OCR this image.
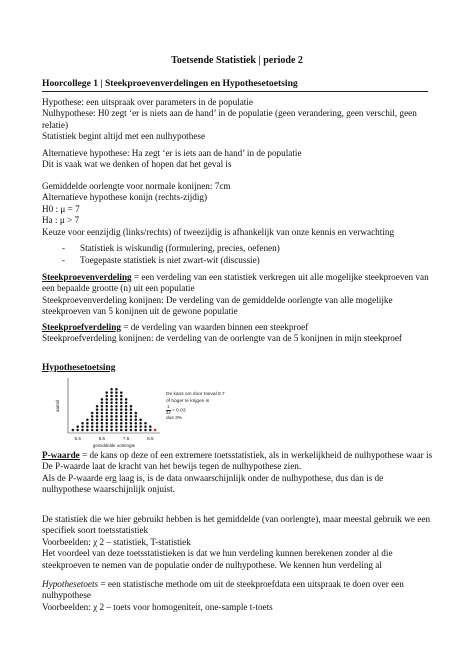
Toetsende Statistiek | periode 2
Hoorcollege 1 | Steekproevenverdelingen en Hypothesetoetsing

Hypothese: een uitspraak over parameters in de populatie

Nulhypothese: H0 zegt ‘er is niets aan de hand’ in de populatie (geen verandering, geen verschil, geen relatie)

Statistiek begint altijd met een nulhypothese

Alternatieve hypothese: Ha zegt ‘er is iets aan de hand’ in de populatie

Dit is vaak wat we denken of hopen dat het geval is

Gemiddelde oorlengte voor normale konijnen: 7cm

Alternatieve hypothese konijn (rechts-zijdig)

H0 : μ = 7

Ha : μ > 7

Keuze voor eenzijdig (links/rechts) of tweezijdig is afhankelijk van onze kennis en verwachting

- Statistiek is wiskundig (formulering, precies, oefenen)
- Toegepaste statistiek is niet zwart-wit (discussie)

Steekproevenverdeling = een verdeling van een statistiek verkregen uit alle mogelijke steekproeven van een bepaalde grootte (n) uit een populatie

Steekproevenverdeling konijnen: De verdeling van de gemiddelde oorlengte van alle mogelijke steekproeven van 5 konijnen uit de gewone populatie

Steekproefverdeling = de verdeling van waarden binnen een steekproef

Steekproefverdeling konijnen: de verdeling van de oorlengte van de 5 konijnen in mijn steekproef

Hypothesetoetsing
5.5	6.5	7.5	8.5
gemiddelde oorlengte
aantal
De kans om door toeval 8.7
of hoger te krijgen is
$\frac{1}{32} = 0.03$
dus 3%

P-waarde = de kans op deze of een extremere toetsstatistiek, als in werkelijkheid de nulhypothese waar is

De P-waarde laat de kracht van het bewijs tegen de nulhypothese zien.

Als de P-waarde erg laag is, is de data onwaarschijnlijk onder de nulhypothese, dus dan is de nulhypothese waarschijnlijk onjuist.

De statistiek die we hier gebruikt hebben is het gemiddelde (van oorlengte), maar meestal gebruik we een specifiek soort toetsstatistiek

Voorbeelden: χ 2 – statistiek, T-statistiek

Het voordeel van deze toetsstatistieken is dat we hun verdeling kunnen berekenen zonder al die steekproeven te nemen van de populatie onder de nulhypothese. We kennen hun verdeling al

Hypothesetoets = een statistische methode om uit de steekproefdata een uitspraak te doen over een nulhypothese

Voorbeelden: χ 2 – toets voor homogeniteit, one-sample t-toets
